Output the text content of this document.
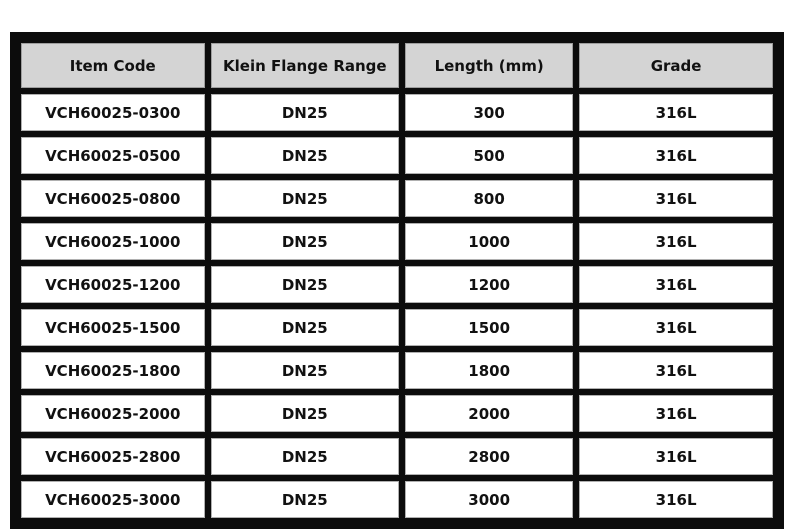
Item Code	Klein Flange Range	Length (mm)	Grade
VCH60025-0300	DN25	300	316L
VCH60025-0500	DN25	500	316L
VCH60025-0800	DN25	800	316L
VCH60025-1000	DN25	1000	316L
VCH60025-1200	DN25	1200	316L
VCH60025-1500	DN25	1500	316L
VCH60025-1800	DN25	1800	316L
VCH60025-2000	DN25	2000	316L
VCH60025-2800	DN25	2800	316L
VCH60025-3000	DN25	3000	316L
